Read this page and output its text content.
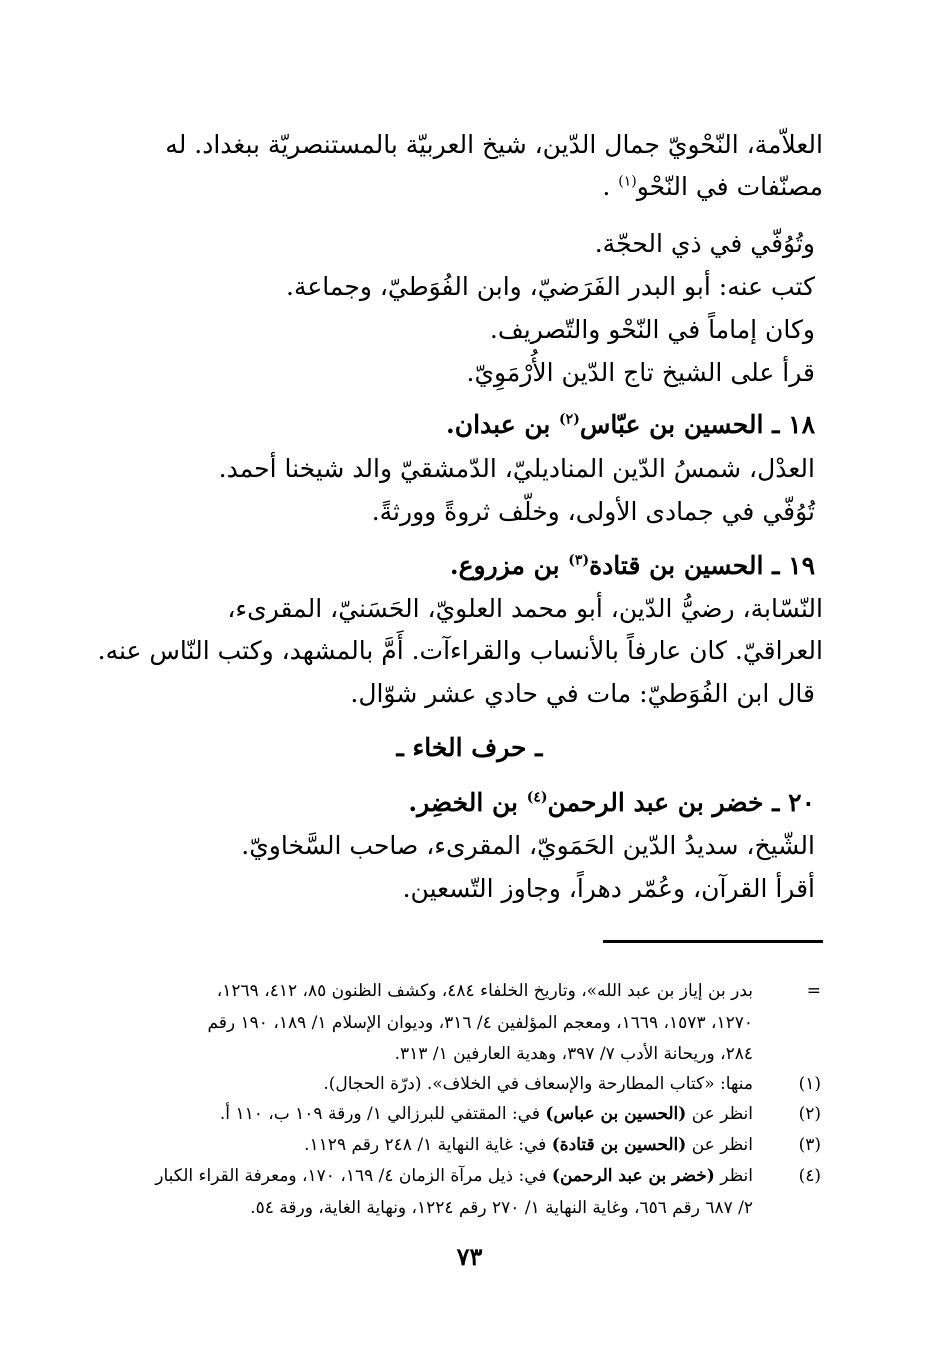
العلاّمة، النّحْويّ جمال الدّين، شيخ العربيّة بالمستنصريّة ببغداد. له
مصنّفات في النّحْو$^{(١)}$ .
وتُوُفّي في ذي الحجّة.
كتب عنه: أبو البدر الفَرَضيّ، وابن الفُوَطيّ، وجماعة.
وكان إماماً في النّحْو والتّصريف.
قرأ على الشيخ تاج الدّين الأُرْمَوِيّ.
١٨ ـ الحسين بن عبّاس$^{(٢)}$ بن عبدان.
العدْل، شمسُ الدّين المناديليّ، الدّمشقيّ والد شيخنا أحمد.
تُوُفّي في جمادى الأولى، وخلّف ثروةً وورثةً.
١٩ ـ الحسين بن قتادة$^{(٣)}$ بن مزروع.
النّسّابة، رضيُّ الدّين، أبو محمد العلويّ، الحَسَنيّ، المقرىء،
العراقيّ. كان عارفاً بالأنساب والقراءآت. أَمَّ بالمشهد، وكتب النّاس عنه.
قال ابن الفُوَطيّ: مات في حادي عشر شوّال.
ـ حرف الخاء ـ
٢٠ ـ خضر بن عبد الرحمن$^{(٤)}$ بن الخضِر.
الشّيخ، سديدُ الدّين الحَمَويّ، المقرىء، صاحب السَّخاويّ.
أقرأ القرآن، وعُمّر دهراً، وجاوز التّسعين.
=
بدر بن إياز بن عبد الله»، وتاريخ الخلفاء ٤٨٤، وكشف الظنون ٨٥، ٤١٢، ١٢٦٩،
١٢٧٠، ١٥٧٣، ١٦٦٩، ومعجم المؤلفين ٤/ ٣١٦، وديوان الإسلام ١/ ١٨٩، ١٩٠ رقم
٢٨٤، وريحانة الأدب ٧/ ٣٩٧، وهدية العارفين ١/ ٣١٣.
(١)
منها: «كتاب المطارحة والإسعاف في الخلاف». (درّة الحجال).
(٢)
انظر عن (الحسين بن عباس) في: المقتفي للبرزالي ١/ ورقة ١٠٩ ب، ١١٠ أ.
(٣)
انظر عن (الحسين بن قتادة) في: غاية النهاية ١/ ٢٤٨ رقم ١١٢٩.
(٤)
انظر (خضر بن عبد الرحمن) في: ذيل مرآة الزمان ٤/ ١٦٩، ١٧٠، ومعرفة القراء الكبار
٢/ ٦٨٧ رقم ٦٥٦، وغاية النهاية ١/ ٢٧٠ رقم ١٢٢٤، ونهاية الغاية، ورقة ٥٤.
٧٣
